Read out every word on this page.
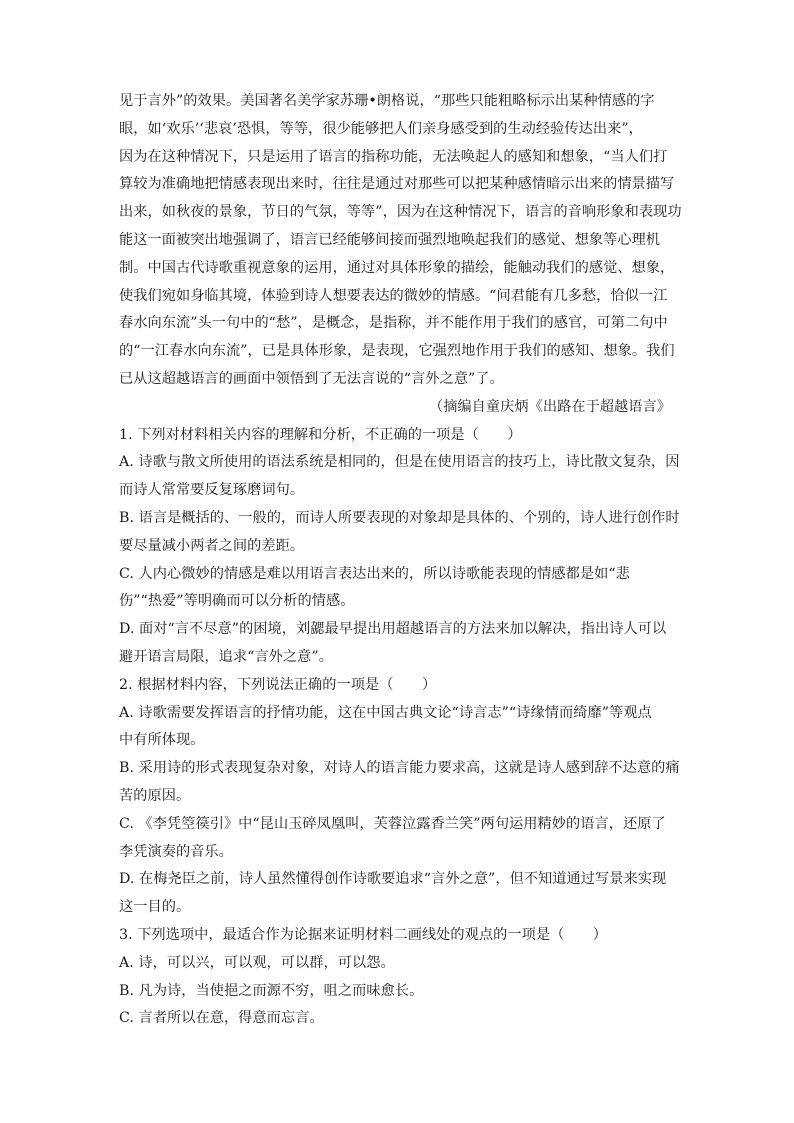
见于言外”的效果。美国著名美学家苏珊•朗格说，“那些只能粗略标示出某种情感的字
眼，如‘欢乐’‘悲哀’恐惧，等等，很少能够把人们亲身感受到的生动经验传达出来”，
因为在这种情况下，只是运用了语言的指称功能，无法唤起人的感知和想象，“当人们打
算较为准确地把情感表现出来时，往往是通过对那些可以把某种感情暗示出来的情景描写
出来，如秋夜的景象，节日的气氛，等等”，因为在这种情况下，语言的音响形象和表现功
能这一面被突出地强调了，语言已经能够间接而强烈地唤起我们的感觉、想象等心理机
制。中国古代诗歌重视意象的运用，通过对具体形象的描绘，能触动我们的感觉、想象，
使我们宛如身临其境，体验到诗人想要表达的微妙的情感。“问君能有几多愁，恰似一江
春水向东流”头一句中的“愁”，是概念，是指称，并不能作用于我们的感官，可第二句中
的“一江春水向东流”，已是具体形象，是表现，它强烈地作用于我们的感知、想象。我们
已从这超越语言的画面中领悟到了无法言说的“言外之意”了。
（摘编自童庆炳《出路在于超越语言》
1. 下列对材料相关内容的理解和分析，不正确的一项是（　　）
A. 诗歌与散文所使用的语法系统是相同的，但是在使用语言的技巧上，诗比散文复杂，因
而诗人常常要反复琢磨词句。
B. 语言是概括的、一般的，而诗人所要表现的对象却是具体的、个别的，诗人进行创作时
要尽量减小两者之间的差距。
C. 人内心微妙的情感是难以用语言表达出来的，所以诗歌能表现的情感都是如“悲
伤”“热爱”等明确而可以分析的情感。
D. 面对“言不尽意”的困境，刘勰最早提出用超越语言的方法来加以解决，指出诗人可以
避开语言局限，追求“言外之意”。
2. 根据材料内容，下列说法正确的一项是（　　）
A. 诗歌需要发挥语言的抒情功能，这在中国古典文论“诗言志”“诗缘情而绮靡”等观点
中有所体现。
B. 采用诗的形式表现复杂对象，对诗人的语言能力要求高，这就是诗人感到辞不达意的痛
苦的原因。
C. 《李凭箜篌引》中“昆山玉碎凤凰叫，芙蓉泣露香兰笑”两句运用精妙的语言，还原了
李凭演奏的音乐。
D. 在梅尧臣之前，诗人虽然懂得创作诗歌要追求“言外之意”，但不知道通过写景来实现
这一目的。
3. 下列选项中，最适合作为论据来证明材料二画线处的观点的一项是（　　）
A. 诗，可以兴，可以观，可以群，可以怨。
B. 凡为诗，当使挹之而源不穷，咀之而味愈长。
C. 言者所以在意，得意而忘言。
